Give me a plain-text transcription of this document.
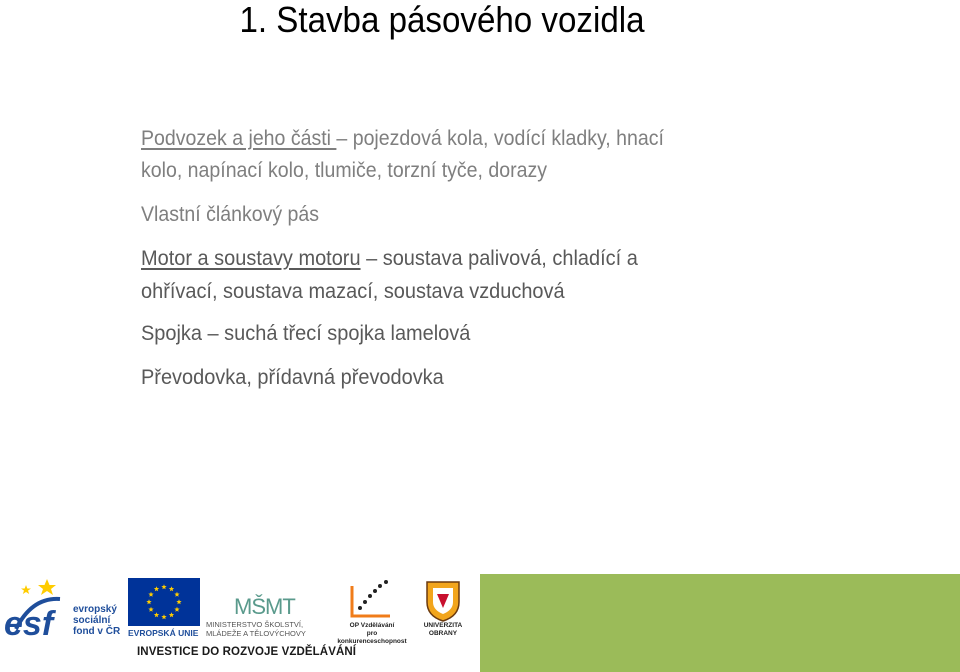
1. Stavba pásového vozidla
Podvozek a jeho části – pojezdová kola, vodící kladky, hnací
kolo, napínací kolo, tlumiče, torzní tyče, dorazy
Vlastní článkový pás
Motor a soustavy motoru – soustava palivová, chladící a
ohřívací, soustava mazací, soustava vzduchová
Spojka – suchá třecí spojka lamelová
Převodovka, přídavná převodovka
esf	evropský
sociální
fond v ČR EVROPSKÁ UNIE
MŠMT
MINISTERSTVO ŠKOLSTVÍ,
MLÁDEŽE A TĚLOVÝCHOVY
OP Vzdělávání
pro konkurenceschopnost
UNIVERZITA
OBRANY
INVESTICE DO ROZVOJE VZDĚLÁVÁNÍ
